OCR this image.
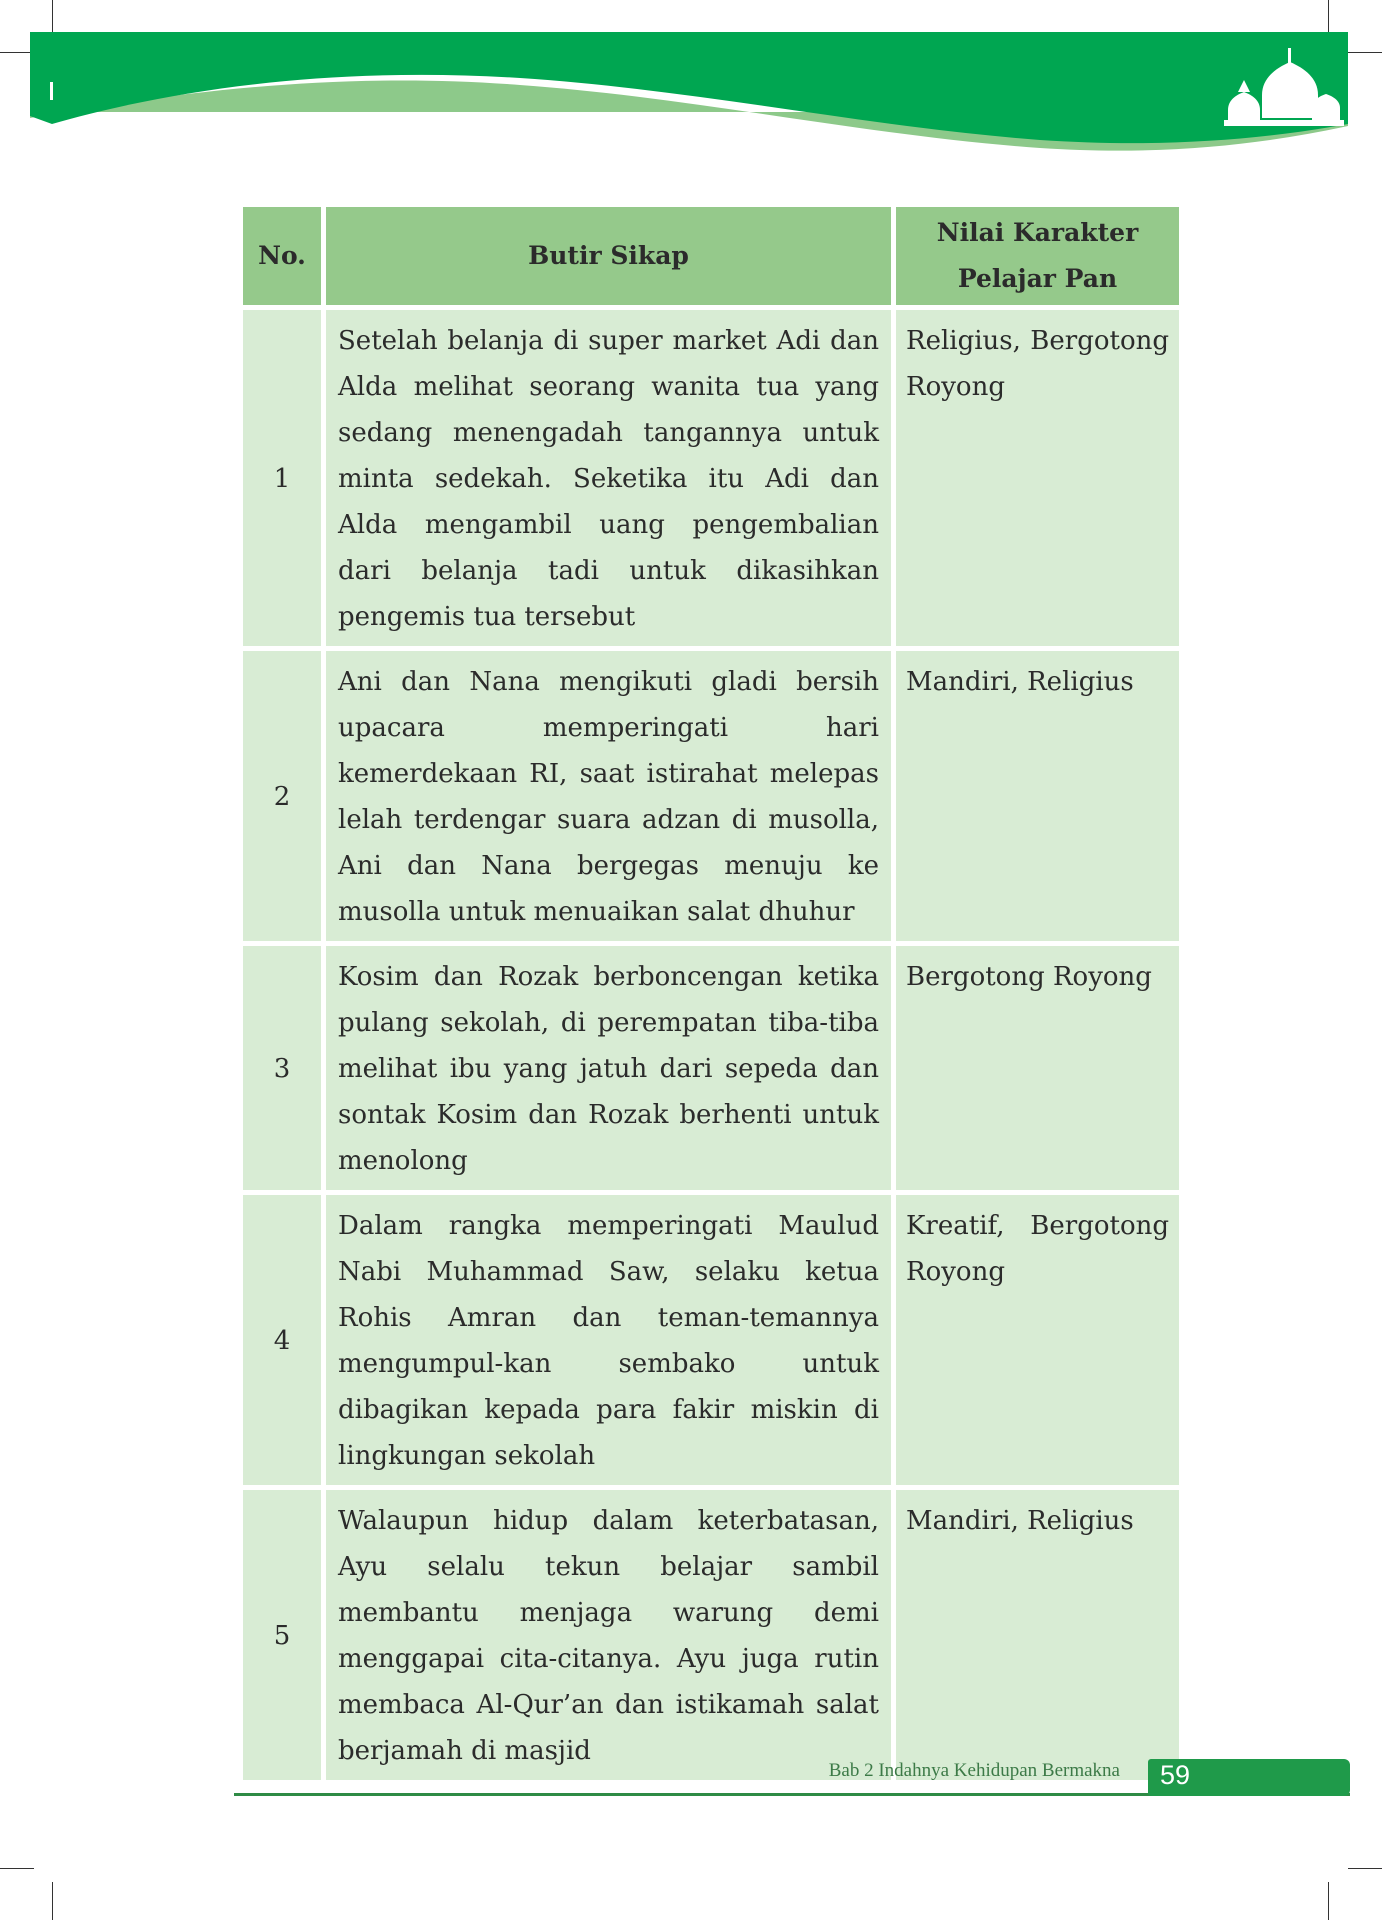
No.	Butir Sikap	Nilai Karakter Pelajar Pan
1	Setelah belanja di super market Adi dan Alda melihat seorang wanita tua yang sedang menengadah tangannya untuk minta sedekah. Seketika itu Adi dan Alda mengambil uang pengembalian dari belanja tadi untuk dikasihkan pengemis tua tersebut	Religius, Bergotong Royong
2	Ani dan Nana mengikuti gladi bersih upacara memperingati hari kemerdekaan RI, saat istirahat melepas lelah terdengar suara adzan di musolla, Ani dan Nana bergegas menuju ke musolla untuk menuaikan salat dhuhur	Mandiri, Religius
3	Kosim dan Rozak berboncengan ketika pulang sekolah, di perempatan tiba-tiba melihat ibu yang jatuh dari sepeda dan sontak Kosim dan Rozak berhenti untuk menolong	Bergotong Royong
4	Dalam rangka memperingati Maulud Nabi Muhammad Saw, selaku ketua Rohis Amran dan teman-temannya mengumpul-kan sembako untuk dibagikan kepada para fakir miskin di lingkungan sekolah	Kreatif, Bergotong Royong
5	Walaupun hidup dalam keterbatasan, Ayu selalu tekun belajar sambil membantu menjaga warung demi menggapai cita-citanya. Ayu juga rutin membaca Al-Qur’an dan istikamah salat berjamah di masjid	Mandiri, Religius
Bab 2 Indahnya Kehidupan Bermakna 59
